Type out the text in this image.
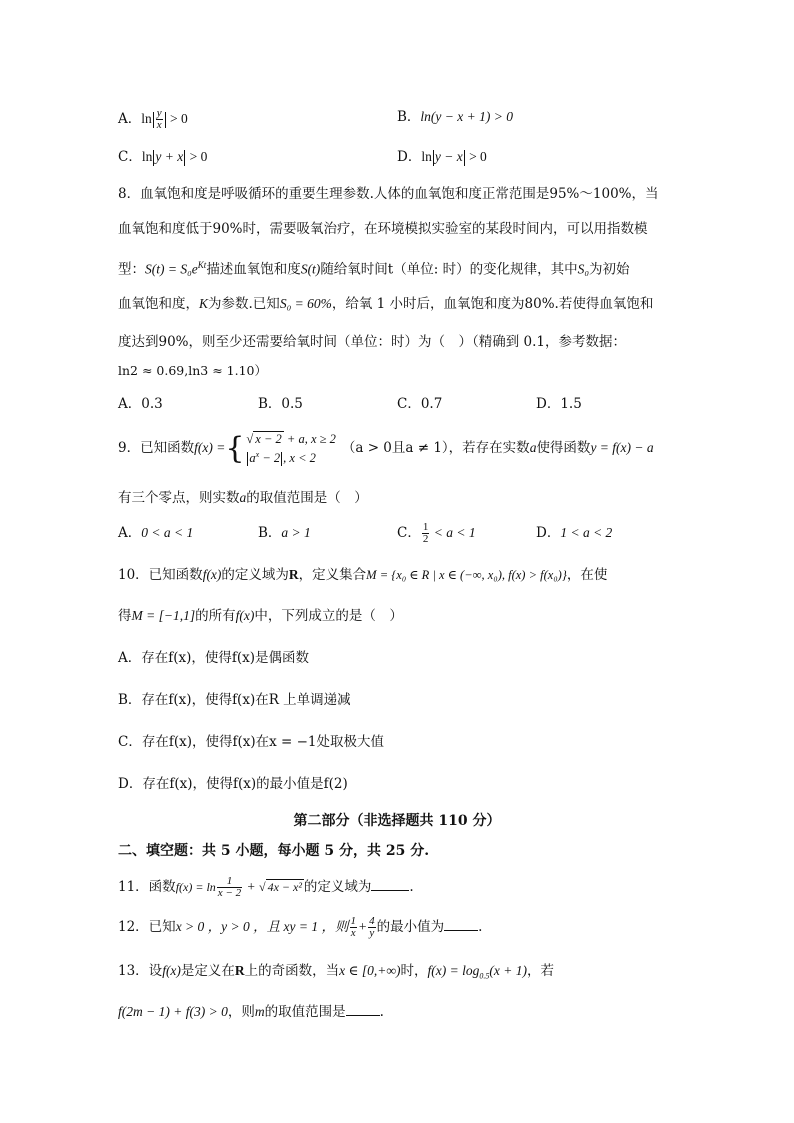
A．$\ln \frac{y}{x} > 0$	B．ln(y − x + 1) > 0
C．ln y + x > 0	D．ln y − x > 0
8．血氧饱和度是呼吸循环的重要生理参数.人体的血氧饱和度正常范围是95%～100%，当
血氧饱和度低于90%时，需要吸氧治疗，在环境模拟实验室的某段时间内，可以用指数模
型：$S(t) = S_0e^{Kt}$描述血氧饱和度S(t)随给氧时间t（单位: 时）的变化规律，其中S₀为初始
血氧饱和度，K为参数.已知S₀ = 60%，给氧 1 小时后，血氧饱和度为80%.若使得血氧饱和
度达到90%，则至少还需要给氧时间（单位：时）为（　）（精确到 0.1，参考数据：
ln2 ≈ 0.69,ln3 ≈ 1.10）
A．0.3	B．0.5	C．0.7	D．1.5
9．已知函数f(x) ={ √ x − 2 + a, x ≥ 2
$a^x - 2$ , x < 2（a > 0且a ≠ 1），若存在实数a使得函数y = f(x) − a
有三个零点，则实数a的取值范围是（　）
A．0 < a < 1	B．a > 1	C． $\frac{1}{2} < a < 1$	D．1 < a < 2
10．已知函数f(x)的定义域为R，定义集合M = {x₀ ∈ R | x ∈ (−∞, x₀), f(x) > f(x₀)}，在使
得M = [−1,1]的所有f(x)中，下列成立的是（　）
A．存在f(x)，使得f(x)是偶函数
B．存在f(x)，使得f(x)在R 上单调递减
C．存在f(x)，使得f(x)在x = −1处取极大值
D．存在f(x)，使得f(x)的最小值是f(2)
第二部分（非选择题共 110 分）
二、填空题：共 5 小题，每小题 5 分，共 25 分.
11．函数$f(x) = \ln \frac{1}{x - 2}$ + √ 4x − x² 的定义域为	.
12．已知x > 0 ，y > 0 ，且 xy = 1 ，则 $\frac{1}{x} + \frac{4}{y}$ 的最小值为	.
13．设f(x)是定义在R上的奇函数，当x ∈ [0,+∞)时，$f(x) = \log_{0.5}(x + 1)$，若
f(2m − 1) + f(3) > 0，则m的取值范围是	.
